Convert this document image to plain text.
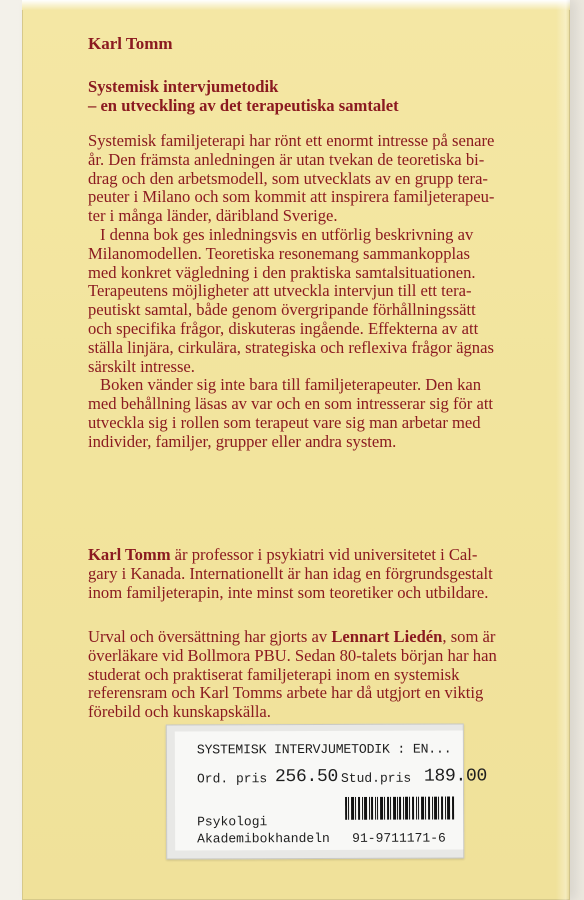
Karl Tomm
Systemisk intervjumetodik
– en utveckling av det terapeutiska samtalet
Systemisk familjeterapi har rönt ett enormt intresse på senare
år. Den främsta anledningen är utan tvekan de teoretiska bi-
drag och den arbetsmodell, som utvecklats av en grupp tera-
peuter i Milano och som kommit att inspirera familjeterapeu-
ter i många länder, däribland Sverige.
I denna bok ges inledningsvis en utförlig beskrivning av
Milanomodellen. Teoretiska resonemang sammankopplas
med konkret vägledning i den praktiska samtalsituationen.
Terapeutens möjligheter att utveckla intervjun till ett tera-
peutiskt samtal, både genom övergripande förhållningssätt
och specifika frågor, diskuteras ingående. Effekterna av att
ställa linjära, cirkulära, strategiska och reflexiva frågor ägnas
särskilt intresse.
Boken vänder sig inte bara till familjeterapeuter. Den kan
med behållning läsas av var och en som intresserar sig för att
utveckla sig i rollen som terapeut vare sig man arbetar med
individer, familjer, grupper eller andra system.
Karl Tomm är professor i psykiatri vid universitetet i Cal-
gary i Kanada. Internationellt är han idag en förgrundsgestalt
inom familjeterapin, inte minst som teoretiker och utbildare.
Urval och översättning har gjorts av Lennart Liedén, som är
överläkare vid Bollmora PBU. Sedan 80-talets början har han
studerat och praktiserat familjeterapi inom en systemisk
referensram och Karl Tomms arbete har då utgjort en viktig
förebild och kunskapskälla.
SYSTEMISK INTERVJUMETODIK : EN...
Ord. pris 256.50 Stud.pris 189.00
Psykologi
Akademibokhandeln 91-9711171-6
